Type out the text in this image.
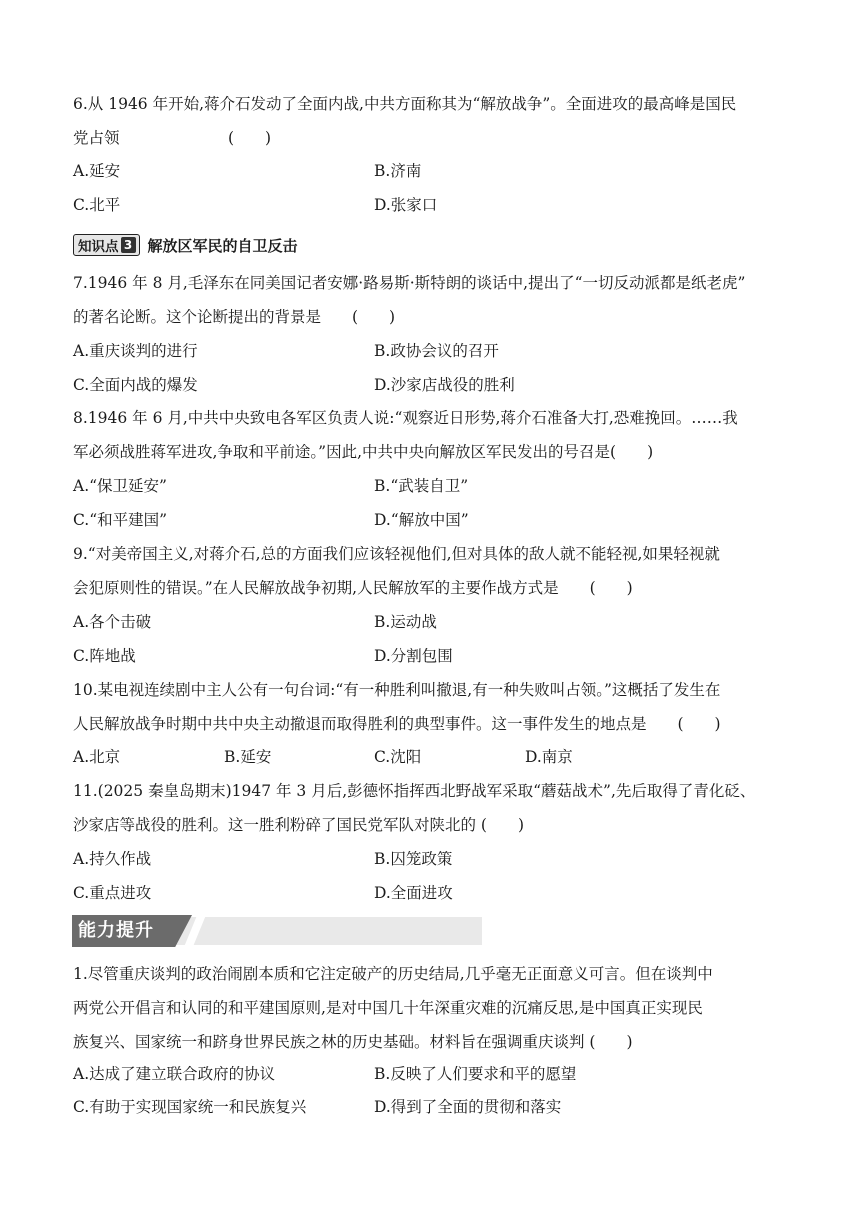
6.从 1946 年开始,蒋介石发动了全面内战,中共方面称其为“解放战争”。全面进攻的最高峰是国民
党占领　　　　　　　(　　)
A.延安	B.济南
C.北平	D.张家口
知识点 3 解放区军民的自卫反击
7.1946 年 8 月,毛泽东在同美国记者安娜·路易斯·斯特朗的谈话中,提出了“一切反动派都是纸老虎”
的著名论断。这个论断提出的背景是　　(　　)
A.重庆谈判的进行	B.政协会议的召开
C.全面内战的爆发	D.沙家店战役的胜利
8.1946 年 6 月,中共中央致电各军区负责人说:“观察近日形势,蒋介石准备大打,恐难挽回。……我
军必须战胜蒋军进攻,争取和平前途。”因此,中共中央向解放区军民发出的号召是(　　)
A.“保卫延安”	B.“武装自卫”
C.“和平建国”	D.“解放中国”
9.“对美帝国主义,对蒋介石,总的方面我们应该轻视他们,但对具体的敌人就不能轻视,如果轻视就
会犯原则性的错误。”在人民解放战争初期,人民解放军的主要作战方式是　　(　　)
A.各个击破	B.运动战
C.阵地战	D.分割包围
10.某电视连续剧中主人公有一句台词:“有一种胜利叫撤退,有一种失败叫占领。”这概括了发生在
人民解放战争时期中共中央主动撤退而取得胜利的典型事件。这一事件发生的地点是　　(　　)
A.北京	B.延安	C.沈阳	D.南京
11.(2025 秦皇岛期末)1947 年 3 月后,彭德怀指挥西北野战军采取“蘑菇战术”,先后取得了青化砭、
沙家店等战役的胜利。这一胜利粉碎了国民党军队对陕北的 (　　)
A.持久作战	B.囚笼政策
C.重点进攻	D.全面进攻
能力提升
1.尽管重庆谈判的政治闹剧本质和它注定破产的历史结局,几乎毫无正面意义可言。但在谈判中
两党公开倡言和认同的和平建国原则,是对中国几十年深重灾难的沉痛反思,是中国真正实现民
族复兴、国家统一和跻身世界民族之林的历史基础。材料旨在强调重庆谈判 (　　)
A.达成了建立联合政府的协议	B.反映了人们要求和平的愿望
C.有助于实现国家统一和民族复兴	D.得到了全面的贯彻和落实
